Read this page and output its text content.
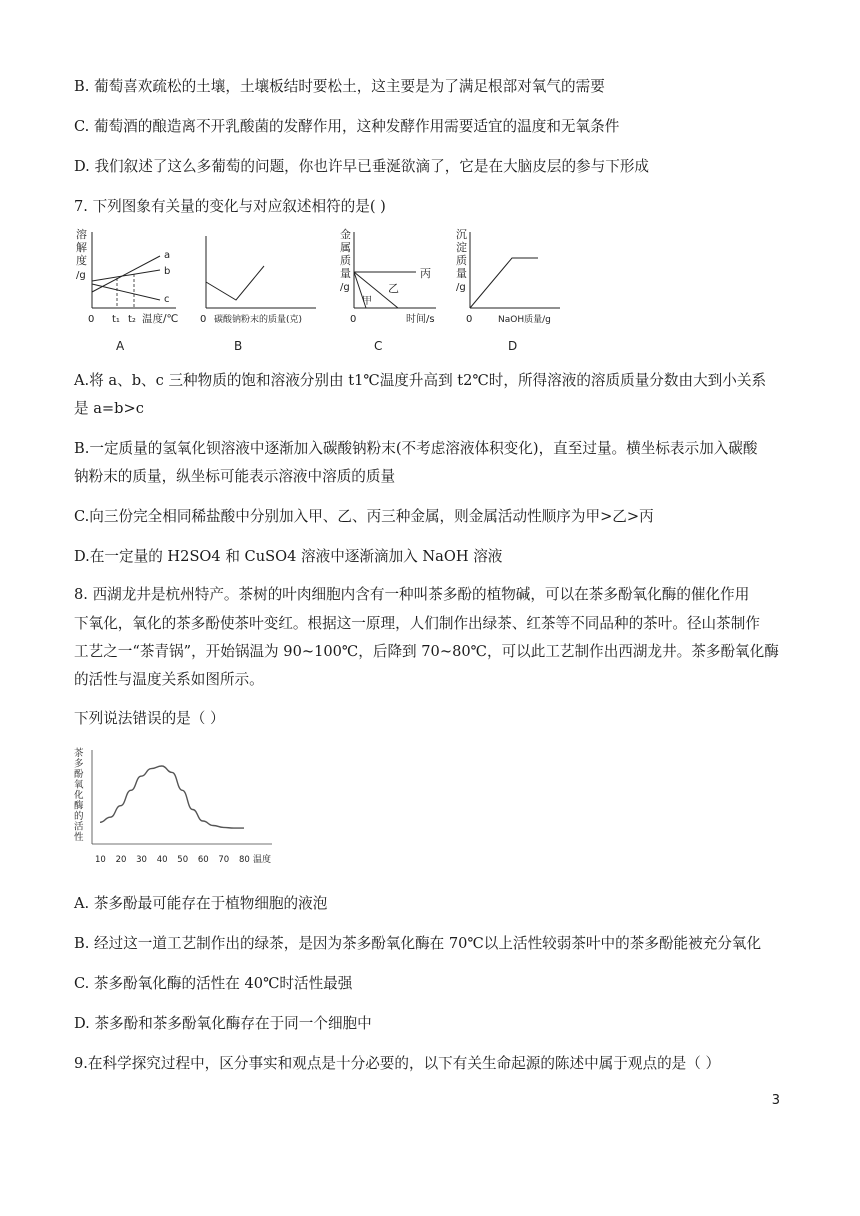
B. 葡萄喜欢疏松的土壤，土壤板结时要松土，这主要是为了满足根部对氧气的需要
C. 葡萄酒的酿造离不开乳酸菌的发酵作用，这种发酵作用需要适宜的温度和无氧条件
D. 我们叙述了这么多葡萄的问题，你也许早已垂涎欲滴了，它是在大脑皮层的参与下形成
7. 下列图象有关量的变化与对应叙述相符的是( )
溶
解
度
/g
a
b
c
0 t₁ t₂ 温度/℃
A
0 碳酸钠粉末的质量(克)
B
金
属
质
量
/g
丙
乙
甲
0	时间/s
C
沉
淀
质
量
/g
0	NaOH质量/g
D
A.将 a、b、c 三种物质的饱和溶液分别由 t1℃温度升高到 t2℃时，所得溶液的溶质质量分数由大到小关系
是 a=b>c
B.一定质量的氢氧化钡溶液中逐渐加入碳酸钠粉末(不考虑溶液体积变化)，直至过量。横坐标表示加入碳酸
钠粉末的质量，纵坐标可能表示溶液中溶质的质量
C.向三份完全相同稀盐酸中分别加入甲、乙、丙三种金属，则金属活动性顺序为甲>乙>丙
D.在一定量的 H2SO4 和 CuSO4 溶液中逐渐滴加入 NaOH 溶液
8. 西湖龙井是杭州特产。茶树的叶肉细胞内含有一种叫茶多酚的植物碱，可以在茶多酚氧化酶的催化作用
下氧化，氧化的茶多酚使茶叶变红。根据这一原理，人们制作出绿茶、红茶等不同品种的茶叶。径山茶制作
工艺之一“茶青锅”，开始锅温为 90~100℃，后降到 70~80℃，可以此工艺制作出西湖龙井。茶多酚氧化酶
的活性与温度关系如图所示。
下列说法错误的是（ ）
茶
多
酚
氧
化
酶
的
活
性
10 20 30 40 50 60 70 80 温度
A. 茶多酚最可能存在于植物细胞的液泡
B. 经过这一道工艺制作出的绿茶，是因为茶多酚氧化酶在 70℃以上活性较弱茶叶中的茶多酚能被充分氧化
C. 茶多酚氧化酶的活性在 40℃时活性最强
D. 茶多酚和茶多酚氧化酶存在于同一个细胞中
9.在科学探究过程中，区分事实和观点是十分必要的，以下有关生命起源的陈述中属于观点的是（ ）
3
